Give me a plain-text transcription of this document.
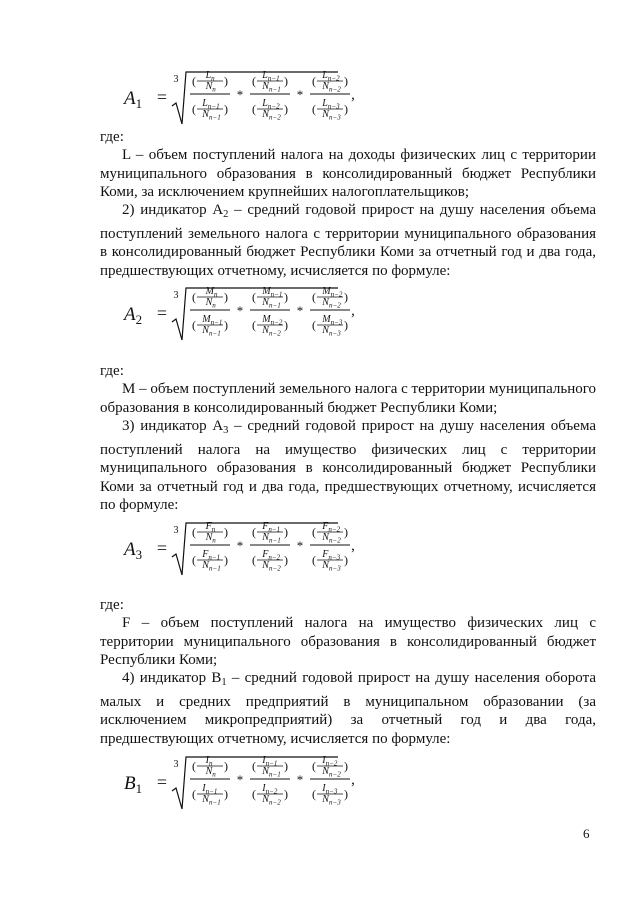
$A_1$ =
3	$L_n$
$N_n$
( )
$L_{n-1}$
$N_{n-1}$
( )
*
$L_{n-1}$
$N_{n-1}$
( )
$L_{n-2}$
$N_{n-2}$
( )
*
$L_{n-2}$
$N_{n-2}$
( )
$L_{n-3}$
$N_{n-3}$
( )
,

где:

L – объем поступлений налога на доходы физических лиц с территории муниципального образования в консолидированный бюджет Республики Коми, за исключением крупнейших налогоплательщиков;

2) индикатор $А_2$ – средний годовой прирост на душу населения объема поступлений земельного налога с территории муниципального образования в консолидированный бюджет Республики Коми за отчетный год и два года, предшествующих отчетному, исчисляется по формуле:

$A_2$ =
3	$M_n$
$N_n$
( )
$M_{n-1}$
$N_{n-1}$
( )
*
$M_{n-1}$
$N_{n-1}$
( )
$M_{n-2}$
$N_{n-2}$
( )
*
$M_{n-2}$
$N_{n-2}$
( )
$M_{n-3}$
$N_{n-3}$
( )
,

где:

М – объем поступлений земельного налога с территории муниципального образования в консолидированный бюджет Республики Коми;

3) индикатор $А_3$ – средний годовой прирост на душу населения объема поступлений налога на имущество физических лиц с территории муниципального образования в консолидированный бюджет Республики Коми за отчетный год и два года, предшествующих отчетному, исчисляется по формуле:

$A_3$ =
3	$F_n$
$N_n$
( )
$F_{n-1}$
$N_{n-1}$
( )
*
$F_{n-1}$
$N_{n-1}$
( )
$F_{n-2}$
$N_{n-2}$
( )
*
$F_{n-2}$
$N_{n-2}$
( )
$F_{n-3}$
$N_{n-3}$
( )
,

где:

F – объем поступлений налога на имущество физических лиц с территории муниципального образования в консолидированный бюджет Республики Коми;

4) индикатор $B_1$ – средний годовой прирост на душу населения оборота малых и средних предприятий в муниципальном образовании (за исключением микропредприятий) за отчетный год и два года, предшествующих отчетному, исчисляется по формуле:

$B_1$ =
3	$I_n$
$N_n$
( )
$I_{n-1}$
$N_{n-1}$
( )
*
$I_{n-1}$
$N_{n-1}$
( )
$I_{n-2}$
$N_{n-2}$
( )
*
$I_{n-2}$
$N_{n-2}$
( )
$I_{n-3}$
$N_{n-3}$
( )
,
6
